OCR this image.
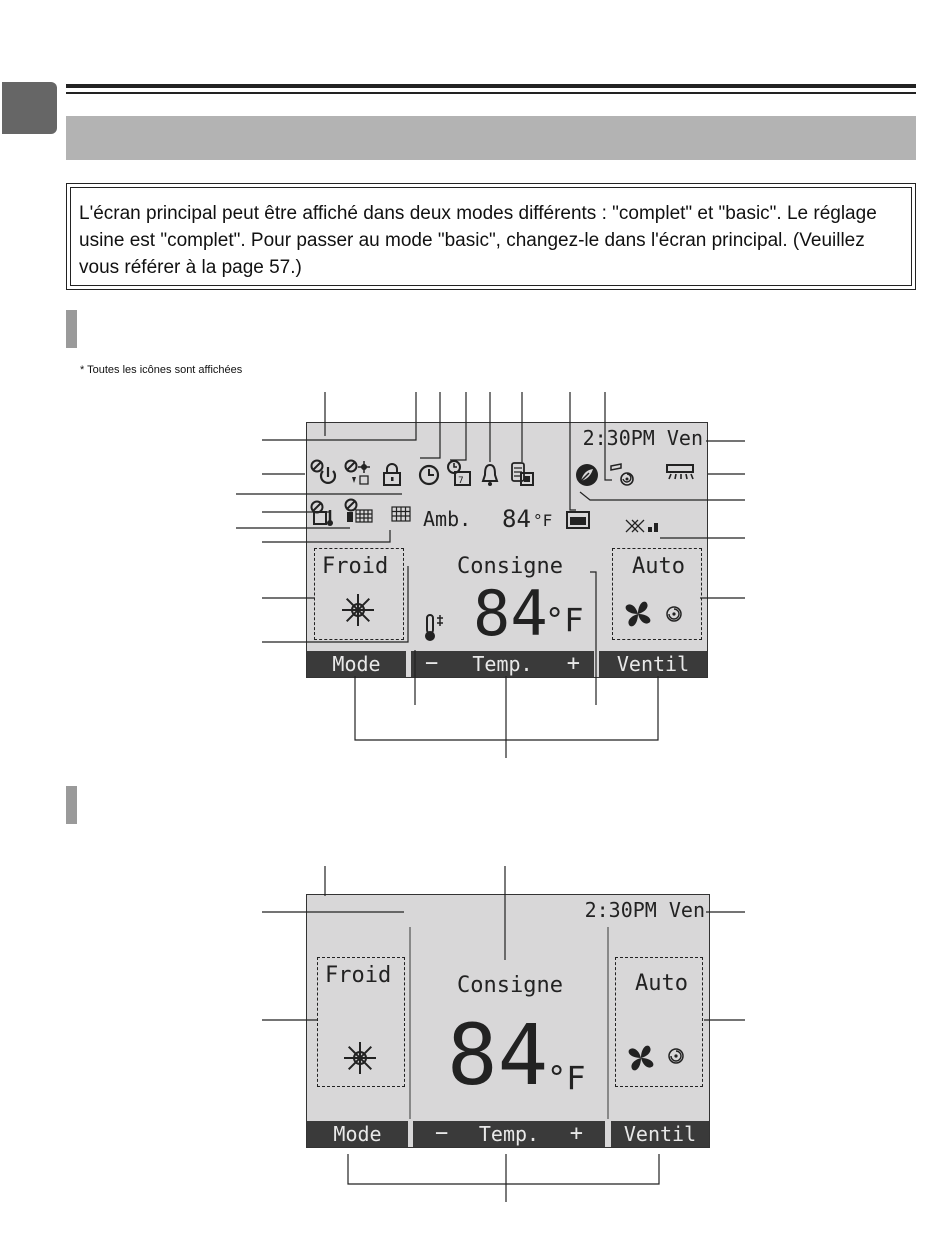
L'écran principal peut être affiché dans deux modes différents : "complet" et "basic". Le réglage usine est "complet". Pour passer au mode "basic", changez-le dans l'écran principal. (Veuillez vous référer à la page 57.)
* Toutes les icônes sont affichées
2:30PM Ven
7
Amb. 84 °F
Froid	Consigne
84
°F
Auto
Mode	− Temp. +	Ventil
2:30PM Ven
Froid	Consigne
84
°F
Auto
Mode	− Temp. +	Ventil
